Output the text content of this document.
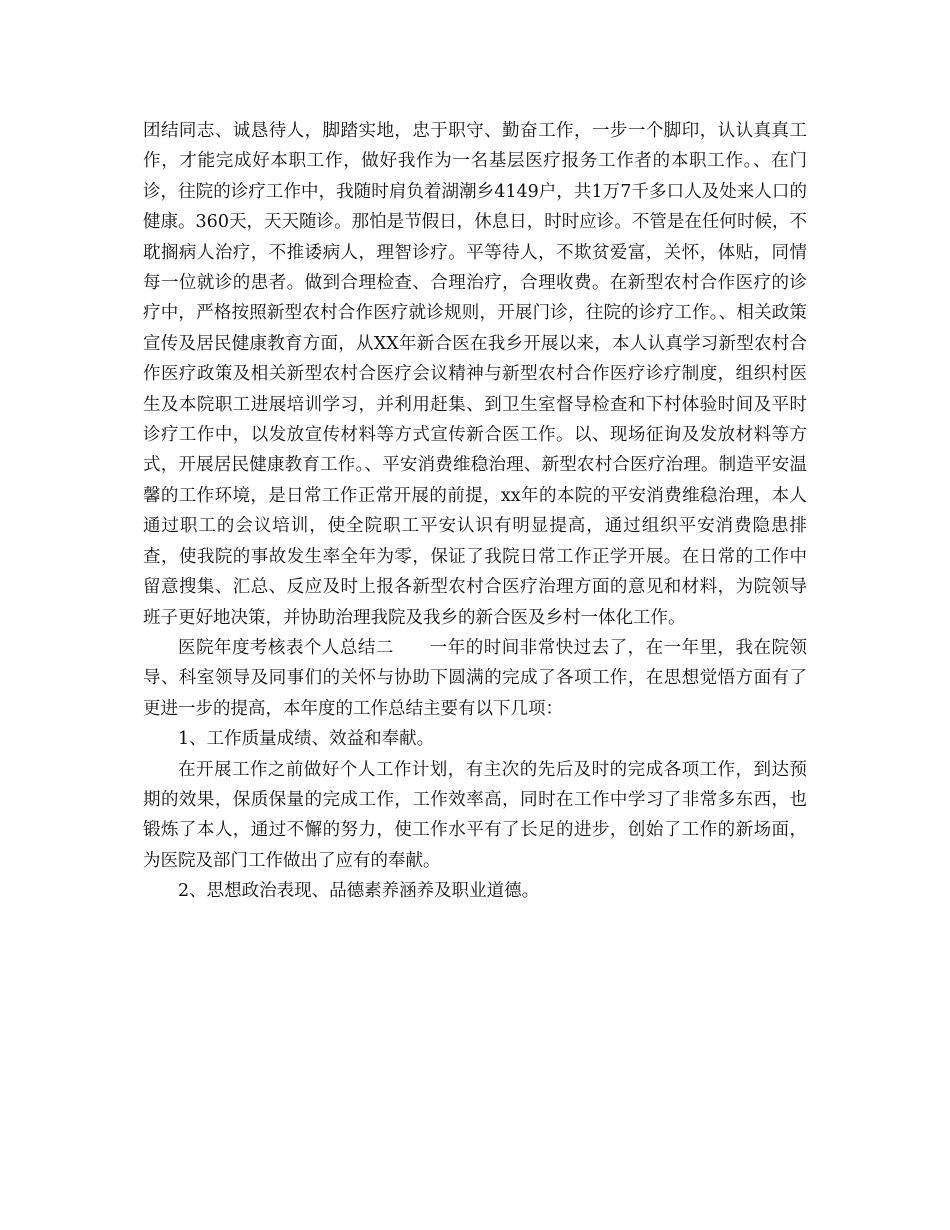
团结同志、诚恳待人，脚踏实地，忠于职守、勤奋工作，一步一个脚印，认认真真工作，才能完成好本职工作，做好我作为一名基层医疗报务工作者的本职工作。、在门诊，往院的诊疗工作中，我随时肩负着湖潮乡4149户，共1万7千多口人及处来人口的健康。360天，天天随诊。那怕是节假日，休息日，时时应诊。不管是在任何时候，不耽搁病人治疗，不推诿病人，理智诊疗。平等待人，不欺贫爱富，关怀，体贴，同情每一位就诊的患者。做到合理检查、合理治疗，合理收费。在新型农村合作医疗的诊疗中，严格按照新型农村合作医疗就诊规则，开展门诊，往院的诊疗工作。、相关政策宣传及居民健康教育方面，从XX年新合医在我乡开展以来，本人认真学习新型农村合作医疗政策及相关新型农村合医疗会议精神与新型农村合作医疗诊疗制度，组织村医生及本院职工进展培训学习，并利用赶集、到卫生室督导检查和下村体验时间及平时诊疗工作中，以发放宣传材料等方式宣传新合医工作。以、现场征询及发放材料等方式，开展居民健康教育工作。、平安消费维稳治理、新型农村合医疗治理。制造平安温馨的工作环境，是日常工作正常开展的前提，xx年的本院的平安消费维稳治理，本人通过职工的会议培训，使全院职工平安认识有明显提高，通过组织平安消费隐患排查，使我院的事故发生率全年为零，保证了我院日常工作正学开展。在日常的工作中留意搜集、汇总、反应及时上报各新型农村合医疗治理方面的意见和材料，为院领导班子更好地决策，并协助治理我院及我乡的新合医及乡村一体化工作。

医院年度考核表个人总结二　　一年的时间非常快过去了，在一年里，我在院领导、科室领导及同事们的关怀与协助下圆满的完成了各项工作，在思想觉悟方面有了更进一步的提高，本年度的工作总结主要有以下几项：

1、工作质量成绩、效益和奉献。

在开展工作之前做好个人工作计划，有主次的先后及时的完成各项工作，到达预期的效果，保质保量的完成工作，工作效率高，同时在工作中学习了非常多东西，也锻炼了本人，通过不懈的努力，使工作水平有了长足的进步，创始了工作的新场面，为医院及部门工作做出了应有的奉献。

2、思想政治表现、品德素养涵养及职业道德。
